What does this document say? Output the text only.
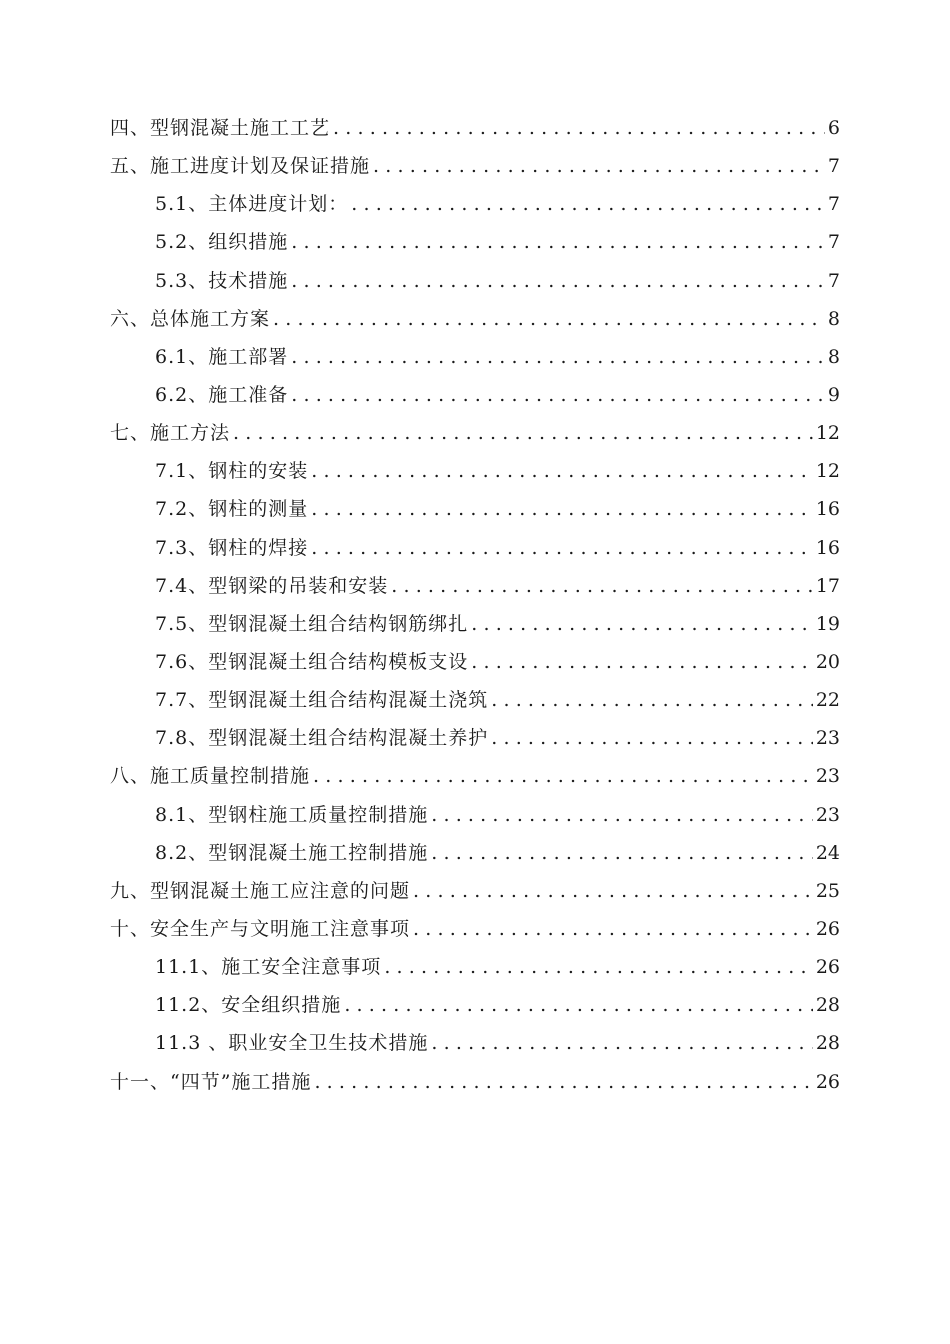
四、型钢混凝土施工工艺 .....	6
五、施工进度计划及保证措施 .....	7
5.1、主体进度计划： .....	7
5.2、组织措施 .....	7
5.3、技术措施 .....	7
六、总体施工方案 .....	8
6.1、施工部署 .....	8
6.2、施工准备 .....	9
七、施工方法 .....	12
7.1、钢柱的安装 .....	12
7.2、钢柱的测量 .....	16
7.3、钢柱的焊接 .....	16
7.4、型钢梁的吊装和安装 .....	17
7.5、型钢混凝土组合结构钢筋绑扎 .....	19
7.6、型钢混凝土组合结构模板支设 .....	20
7.7、型钢混凝土组合结构混凝土浇筑 .....	22
7.8、型钢混凝土组合结构混凝土养护 .....	23
八、施工质量控制措施 .....	23
8.1、型钢柱施工质量控制措施 .....	23
8.2、型钢混凝土施工控制措施 .....	24
九、型钢混凝土施工应注意的问题 .....	25
十、安全生产与文明施工注意事项 .....	26
11.1、施工安全注意事项 .....	26
11.2、安全组织措施 .....	28
11.3 、职业安全卫生技术措施 .....	28
十一、“四节”施工措施 .....	26
